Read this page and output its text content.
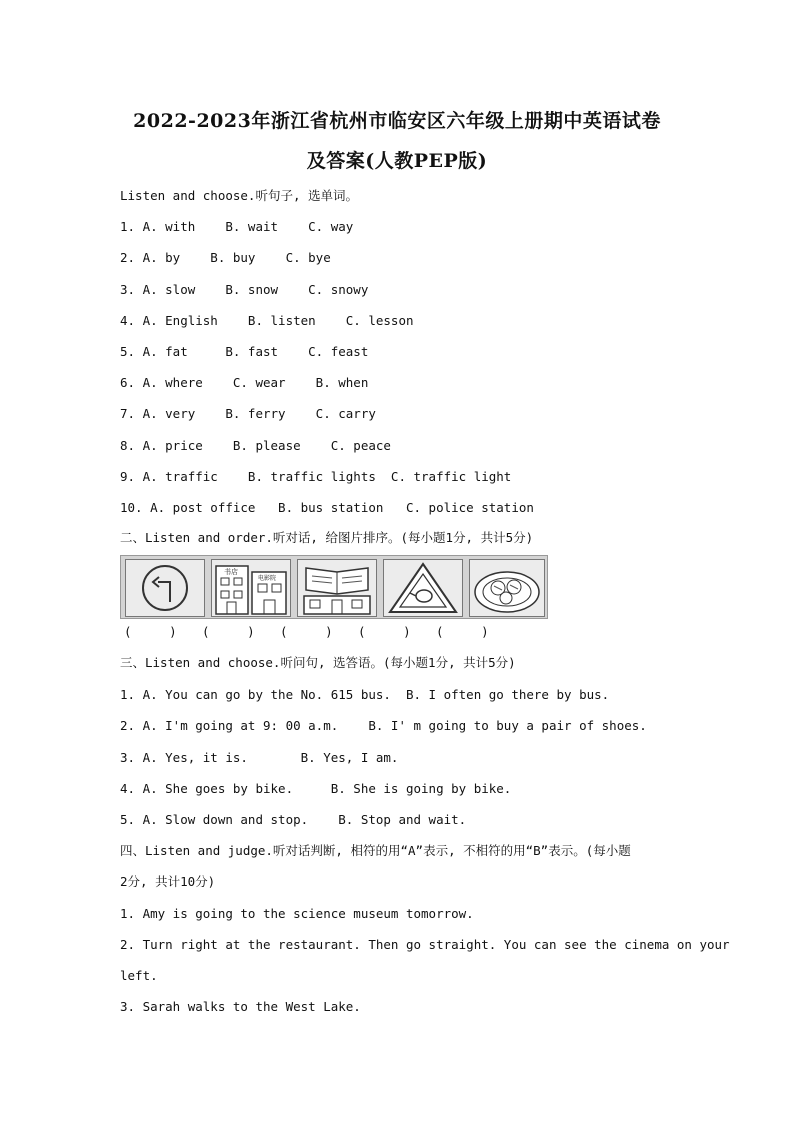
2022-2023年浙江省杭州市临安区六年级上册期中英语试卷
及答案(人教PEP版)
Listen and choose.听句子, 选单词。
1. A. with    B. wait    C. way
2. A. by    B. buy    C. bye
3. A. slow    B. snow    C. snowy
4. A. English    B. listen    C. lesson
5. A. fat     B. fast    C. feast
6. A. where    C. wear    B. when
7. A. very    B. ferry    C. carry
8. A. price    B. please    C. peace
9. A. traffic    B. traffic lights  C. traffic light
10. A. post office   B. bus station   C. police station
二、Listen and order.听对话, 给图片排序。(每小题1分, 共计5分)
书店
电影院
(     ) (     ) (     ) (     ) (     )
三、Listen and choose.听问句, 选答语。(每小题1分, 共计5分)
1. A. You can go by the No. 615 bus.  B. I often go there by bus.
2. A. I'm going at 9: 00 a.m.    B. I' m going to buy a pair of shoes.
3. A. Yes, it is.       B. Yes, I am.
4. A. She goes by bike.     B. She is going by bike.
5. A. Slow down and stop.    B. Stop and wait.
四、Listen and judge.听对话判断, 相符的用“A”表示, 不相符的用“B”表示。(每小题
2分, 共计10分)
1. Amy is going to the science museum tomorrow.
2. Turn right at the restaurant. Then go straight. You can see the cinema on your
left.
3. Sarah walks to the West Lake.
